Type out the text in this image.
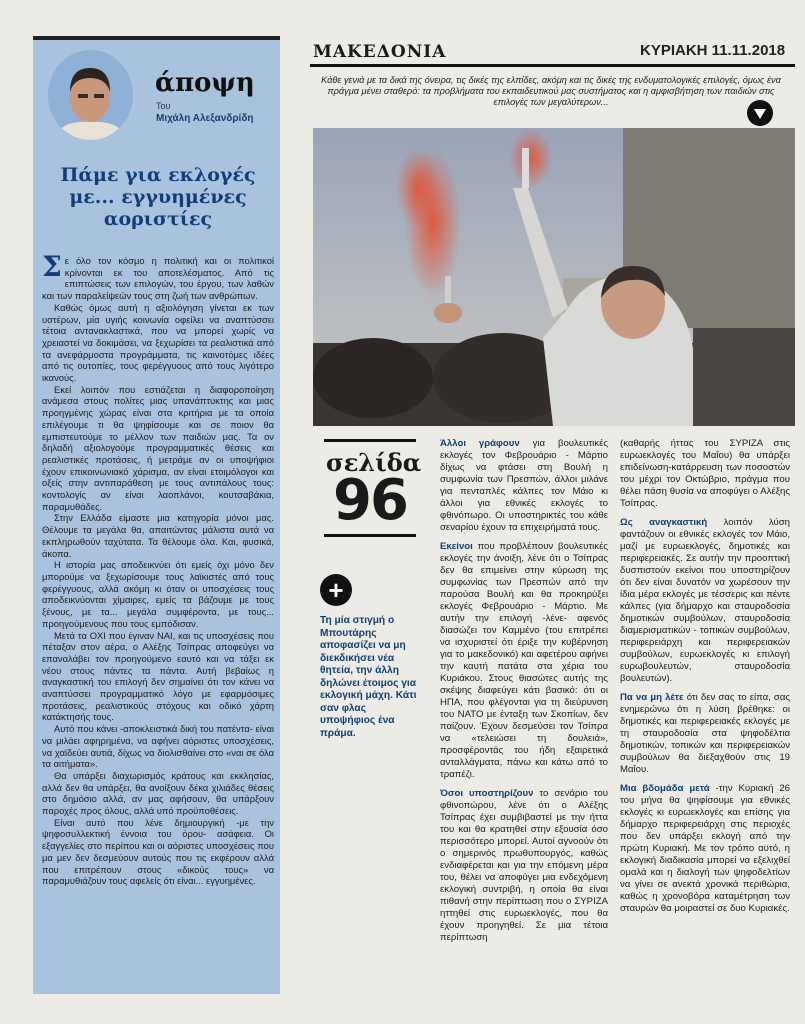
άποψη
Του
Μιχάλη Αλεξανδρίδη
Πάμε για εκλογές με... εγγυημένες αοριστίες

Σε όλο τον κόσμο η πολιτική και οι πολιτικοί κρίνονται εκ του αποτελέσματος. Από τις επιπτώσεις των επιλογών, του έργου, των λαθών και των παραλείψεών τους στη ζωή των ανθρώπων.

Καθώς όμως αυτή η αξιολόγηση γίνεται εκ των υστέρων, μία υγιής κοινωνία οφείλει να αναπτύσσει τέτοια αντανακλαστικά, που να μπορεί χωρίς να χρειαστεί να δοκιμάσει, να ξεχωρίσει τα ρεαλιστικά από τα ανεφάρμοστα προγράμματα, τις καινοτόμες ιδέες από τις ουτοπίες, τους φερέγγυους από τους λιγότερο ικανούς.

Εκεί λοιπόν που εστιάζεται η διαφοροποίηση ανάμεσα στους πολίτες μιας υπανάπτυκτης και μιας προηγμένης χώρας είναι στα κριτήρια με τα οποία επιλέγουμε τι θα ψηφίσουμε και σε ποιον θα εμπιστευτούμε το μέλλον των παιδιών μας. Τα ον δηλαδή αξιολογούμε προγραμματικές θέσεις και ρεαλιστικές προτάσεις, ή μετράμε αν οι υποψήφιοι έχουν επικοινωνιακό χάρισμα, αν είναι ετοιμόλογοι και οξείς στην αντιπαράθεση με τους αντιπάλους τους: κοντολογίς αν είναι λαοπλάνοι, κουτσαβάκια, παραμυθάδες.

Στην Ελλάδα είμαστε μια κατηγορία μόνοι μας. Θέλουμε τα μεγάλα θα, απαιτώντας μάλιστα αυτά να εκπληρωθούν ταχύτατα. Τα θέλουμε όλα. Και, φυσικά, άκοπα.

Η ιστορία μας αποδεικνύει ότι εμείς όχι μόνο δεν μπορούμε να ξεχωρίσουμε τους λαϊκιστές από τους φερέγγυους, αλλά ακόμη κι όταν οι υποσχέσεις τους αποδεικνύονται χίμαιρες, εμείς τα βάζουμε με τους ξένους, με τα... μεγάλα συμφέροντα, με τους... προηγούμενους που τους εμπόδισαν.

Μετά τα ΟΧΙ που έγιναν ΝΑΙ, και τις υποσχέσεις που πέταξαν στον αέρα, ο Αλέξης Τσίπρας αποφεύγει να επαναλάβει τον προηγούμενο εαυτό και να τάξει εκ νέου στους πάντες τα πάντα. Αυτή βεβαίως η αναγκαστική του επιλογή δεν σημαίνει ότι τον κάνει να αναπτύσσει προγραμματικό λόγο με εφαρμόσιμες προτάσεις, ρεαλιστικούς στόχους και οδικό χάρτη κατάκτησής τους.

Αυτό που κάνει -αποκλειστικά δική του πατέντα- είναι να μιλάει αφηρημένα, να αφήνει αόριστες υποσχέσεις, να χαϊδεύει αυτιά, δίχως να διολισθαίνει στο «ναι σε όλα τα αιτήματα».

Θα υπάρξει διαχωρισμός κράτους και εκκλησίας, αλλά δεν θα υπάρξει, θα ανοίξουν δέκα χιλιάδες θέσεις στο δημόσιο αλλά, αν μας αφήσουν, θα υπάρξουν παροχές προς όλους, αλλά υπό προϋποθέσεις.

Είναι αυτό που λένε δημιουργική -με την ψηφοσυλλεκτική έννοια του όρου- ασάφεια. Οι εξαγγελίες στο περίπου και οι αόριστες υποσχέσεις που μα μεν δεν δεσμεύουν αυτούς που τις εκφέρουν αλλά που επιτρέπουν στους «δικούς τους» να παραμυθιάζουν τους αφελείς ότι είναι... εγγυημένες.

ΜΑΚΕΔΟΝΙΑ	ΚΥΡΙΑΚΗ 11.11.2018
Κάθε γενιά με τα δικά της όνειρα, τις δικές της ελπίδες, ακόμη και τις δικές της ενδυματολογικές επιλογές, όμως ένα πράγμα μένει σταθερό: τα προβλήματα του εκπαιδευτικού μας συστήματος και η αμφισβήτηση των παιδιών στις επιλογές των μεγαλύτερων...
σελίδα
96
+
Τη μία στιγμή ο Μπουτάρης αποφασίζει να μη διεκδικήσει νέα θητεία, την άλλη δηλώνει έτοιμος για εκλογική μάχη. Κάτι σαν φλας υποψήφιος ένα πράμα.

Άλλοι γράφουν για βουλευτικές εκλογές τον Φεβρουάριο - Μάρτιο δίχως να φτάσει στη Βουλή η συμφωνία των Πρεσπών, άλλοι μιλάνε για πενταπλές κάλπες τον Μάιο κι άλλοι για εθνικές εκλογές το φθινόπωρο. Οι υποστηρικτές του κάθε σεναρίου έχουν τα επιχειρήματά τους.

Εκείνοι που προβλέπουν βουλευτικές εκλογές την άνοιξη, λένε ότι ο Τσίπρας δεν θα επιμείνει στην κύρωση της συμφωνίας των Πρεσπών από την παρούσα Βουλή και θα προκηρύξει εκλογές Φεβρουάριο - Μάρτιο. Με αυτήν την επιλογή -λένε- αφενός διασώζει τον Καμμένο (του επιτρέπει να ισχυριστεί ότι έριξε την κυβέρνηση για το μακεδονικό) και αφετέρου αφήνει την καυτή πατάτα στα χέρια του Κυριάκου. Στους θιασώτες αυτής της σκέψης διαφεύγει κάτι βασικό: ότι οι ΗΠΑ, που φλέγονται για τη διεύρυνση του ΝΑΤΟ με ένταξη των Σκοπίων, δεν παίζουν. Έχουν δεσμεύσει τον Τσίπρα να «τελειώσει τη δουλειά», προσφέροντάς του ήδη εξαιρετικά ανταλλάγματα, πάνω και κάτω από το τραπέζι.

Όσοι υποστηρίζουν το σενάριο του φθινοπώρου, λένε ότι ο Αλέξης Τσίπρας έχει συμβιβαστεί με την ήττα του και θα κρατηθεί στην εξουσία όσο περισσότερο μπορεί. Αυτοί αγνοούν ότι ο σημερινός πρωθυπουργός, καθώς ενδιαφέρεται και για την επόμενη μέρα του, θέλει να αποφύγει μια ενδεχόμενη εκλογική συντριβή, η οποία θα είναι πιθανή στην περίπτωση που ο ΣΥΡΙΖΑ ηττηθεί στις ευρωεκλογές, που θα έχουν προηγηθεί. Σε μια τέτοια περίπτωση

(καθαρής ήττας του ΣΥΡΙΖΑ στις ευρωεκλογές του Μαΐου) θα υπάρξει επιδείνωση-κατάρρευση των ποσοστών του μέχρι τον Οκτώβριο, πράγμα που θέλει πάση θυσία να αποφύγει ο Αλέξης Τσίπρας.

Ως αναγκαστική λοιπόν λύση φαντάζουν οι εθνικές εκλογές τον Μάιο, μαζί με ευρωεκλογές, δημοτικές και περιφερειακές. Σε αυτήν την προοπτική δυσπιστούν εκείνοι που υποστηρίζουν ότι δεν είναι δυνατόν να χωρέσουν την ίδια μέρα εκλογές με τέσσερις και πέντε κάλπες (για δήμαρχο και σταυροδοσία δημοτικών συμβούλων, σταυροδοσία διαμερισματικών - τοπικών συμβούλων, περιφερειάρχη και περιφερειακών συμβούλων, ευρωεκλογές κι επιλογή ευρωβουλευτών, σταυροδοσία βουλευτών).

Πα να μη λέτε ότι δεν σας το είπα, σας ενημερώνω ότι η λύση βρέθηκε: οι δημοτικές και περιφερειακές εκλογές με τη σταυροδοσία στα ψηφοδέλτια δημοτικών, τοπικών και περιφερειακών συμβούλων θα διεξαχθούν στις 19 Μαΐου.

Μια βδομάδα μετά -την Κυριακή 26 του μήνα θα ψηφίσουμε για εθνικές εκλογές κι ευρωεκλογές και επίσης για δήμαρχο περιφερειάρχη στις περιοχές που δεν υπάρξει εκλογή από την πρώτη Κυριακή. Με τον τρόπο αυτό, η εκλογική διαδικασία μπορεί να εξελιχθεί ομαλά και η διαλογή των ψηφοδελτίων να γίνει σε ανεκτά χρονικά περιθώρια, καθώς η χρονοβόρα καταμέτρηση των σταυρών θα μοιραστεί σε δυο Κυριακές.
